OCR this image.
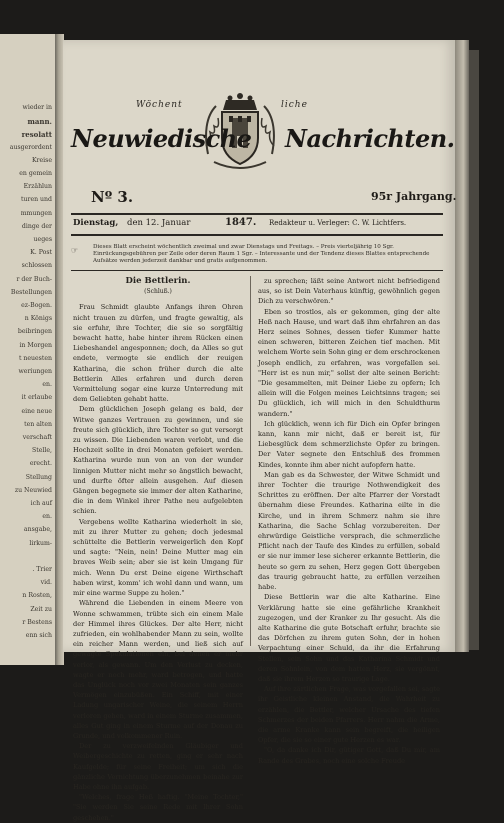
wieder in
mann.
resolatt
ausgerordent
Kreise
en gemein
Erzählun
turen und
mmungen
dinge der
ueges
K. Post
schlossen
r der Buch-
Bestellungen
ez-Bogen.
n Königs
beibringen
in Morgen
t neuesten
weriungen
en.
it erlaube
eine neue
ten alten
verschaft
Stelle,
erecht.
Stellung
zu Neuwied
ich auf
en.
ansgabe,
lirkum-
. Trier
vid.
n Rosten,
Zeit zu
r Bestens
enn sich
Wöchent	liche
Neuwiedische Nachrichten.
Nº 3.	95r Jahrgang.
Dienstag, den 12. Januar	1847. Redakteur u. Verleger: C. W. Lichtfers.
☞	Dieses Blatt erscheint wöchentlich zweimal und zwar Dienstags und Freitags. – Preis vierteljährig 10 Sgr. Einrückungsgebühren per Zeile oder deren Raum 1 Sgr. – Interessante und der Tendenz dieses Blattes entsprechende Aufsätze werden jederzeit dankbar und gratis aufgenommen.

Die Bettlerin.

(Schluß.)

Frau Schmidt glaubte Anfangs ihren Ohren nicht trauen zu dürfen, und fragte gewaltig, als sie erfuhr, ihre Tochter, die sie so sorgfältig bewacht hatte, habe hinter ihrem Rücken einen Liebeshandel angesponnen; doch, da Alles so gut endete, vermogte sie endlich der reuigen Katharina, die schon früher durch die alte Bettlerin Alles erfahren und durch deren Vermittelung sogar eine kurze Unterredung mit dem Geliebten gehabt hatte.

Dem glücklichen Joseph gelang es bald, der Witwe ganzes Vertrauen zu gewinnen, und sie freute sich glücklich, ihre Tochter so gut versorgt zu wissen. Die Liebenden waren verlobt, und die Hochzeit sollte in drei Monaten gefeiert werden. Katharina wurde nun von an von der wunder linnigen Mutter nicht mehr so ängstlich bewacht, und durfte öfter allein ausgehen. Auf diesen Gängen begegnete sie immer der alten Katharine, die in dem Winkel ihrer Pathe neu aufgelebten schien.

Vergebens wollte Katharina wiederholt in sie, mit zu ihrer Mutter zu gehen; doch jedesmal schüttelte die Bettlerin verweigerlich den Kopf und sagte: "Nein, nein! Deine Mutter mag ein braves Weib sein; aber sie ist kein Umgang für mich. Wenn Du erst Deine eigene Wirthschaft haben wirst, komm' ich wohl dann und wann, um mir eine warme Suppe zu holen."

Während die Liebenden in einem Meere von Wonne schwammen, trübte sich ein einem Male der Himmel ihres Glückes. Der alte Herr, nicht zufrieden, ein wohlhabender Mann zu sein, wollte ein reicher Mann werden, und ließ sich auf gewagte Spekulationen ein, bei denen er mehr verlor, als gewann. Um den Verlust zu decken, wagte er noch mehr, ward betrogen, und hatte das Unglück noch vor zwei Monaten sein ganzes Vermögen einzubüßen. Ein Schiff, mit einer Ladung ungarischer Weine, die seinem Herrn verloren gehen, ward in einem Sturme zusammen, alles Gut ging in einem Sturme auf der Donau zu Grunde, und volkommener Ruin.

Der zu verzweifelnden Gläubiger und Weibergeschichte zu retten, ging er sehr nach Kaufgelde; für seine Freiheit; um sich die gänzliche Vernichtung überzunehmen beinahe zur Habe ohne ihn aufgab.

"Welches, frage Heß haftig. "Meine Tochter," "Sie werden Sie seine Rede mit Ihrer Sohn geschehen."

zu sprechen; läßt seine Antwort nicht befriedigend aus, so ist Dein Vaterhaus künftig, gewöhnlich gegen Dich zu verschwören."

Eben so trostlos, als er gekommen, ging der alte Heß nach Hause, und wart daß ihm ehrfahren an das Herz seines Sohnes, dessen tiefer Kummer hatte einen schweren, bitteren Zeichen tief machen. Mit welchem Worte sein Sohn ging er dem erschrockenen Joseph endlich, zu erfahren, was vorgefallen sei. "Herr ist es nun mir," sollst der alte seinen Bericht: "Die gesammelten, mit Deiner Liebe zu opfern; Ich allein will die Folgen meines Leichtsinns tragen; sei Du glücklich, ich will mich in den Schuldthurm wandern."

Ich glücklich, wenn ich für Dich ein Opfer bringen kann, kann mir nicht, daß er bereit ist, für Liebesglück dem schmerzlichste Opfer zu bringen. Der Vater segnete den Entschluß des frommen Kindes, konnte ihm aber nicht aufopfern hatte.

Man gab es da Schwester, der Witwe Schmidt und ihrer Tochter die traurige Nothwendigkeit des Schrittes zu eröffnen. Der alte Pfarrer der Vorstadt übernahm diese Freundes. Katharina eilte in die Kirche, und in ihrem Schmerz nahm sie ihre Katharina, die Sache Schlag vorzubereiten. Der ehrwürdige Geistliche versprach, die schmerzliche Pflicht nach der Taufe des Kindes zu erfüllen, sobald er sie nur immer lese sicherer erkannte Bettlerin, die heute so gern zu sehen, Herz gegen Gott übergeben das traurig gebraucht hatte, zu erfüllen verzeihen habe.

Diese Bettlerin war die alte Katharine. Eine Verklärung hatte sie eine gefährliche Krankheit zugezogen, und der Kranker zu Ihr gesucht. Als die alte Katharine die gute Botschaft erfuhr, brachte sie das Dörfchen zu ihrem guten Sohn, der in hohen Verpachtung einer Schuld, da ihr die Erfahrung Stellen, sein Sohn und das Katharina Schmidt und deren Sohnlein, von dem hatten Herz, sie vergönnt, daß sie ihrem Herzen so traurige Lage.

Auf ihre zärtlichen Frage, was vorgefallen sei, sagte ihr Geistliche kleinen Anstand, die Wahrheit zu erzählen, die Bettler, welcher Ursache des tiefen Schmerzes der beiden Pfarrers. Herr nahm die Arme, die arme Kranke kann sein begreift, die heiligen Opfer, die sie so einer gute Herzen es war.

"O, da danke ich Dir, gütiger Gott, daß Du mir, am Rande des Grabes, noch eine solche Freude
